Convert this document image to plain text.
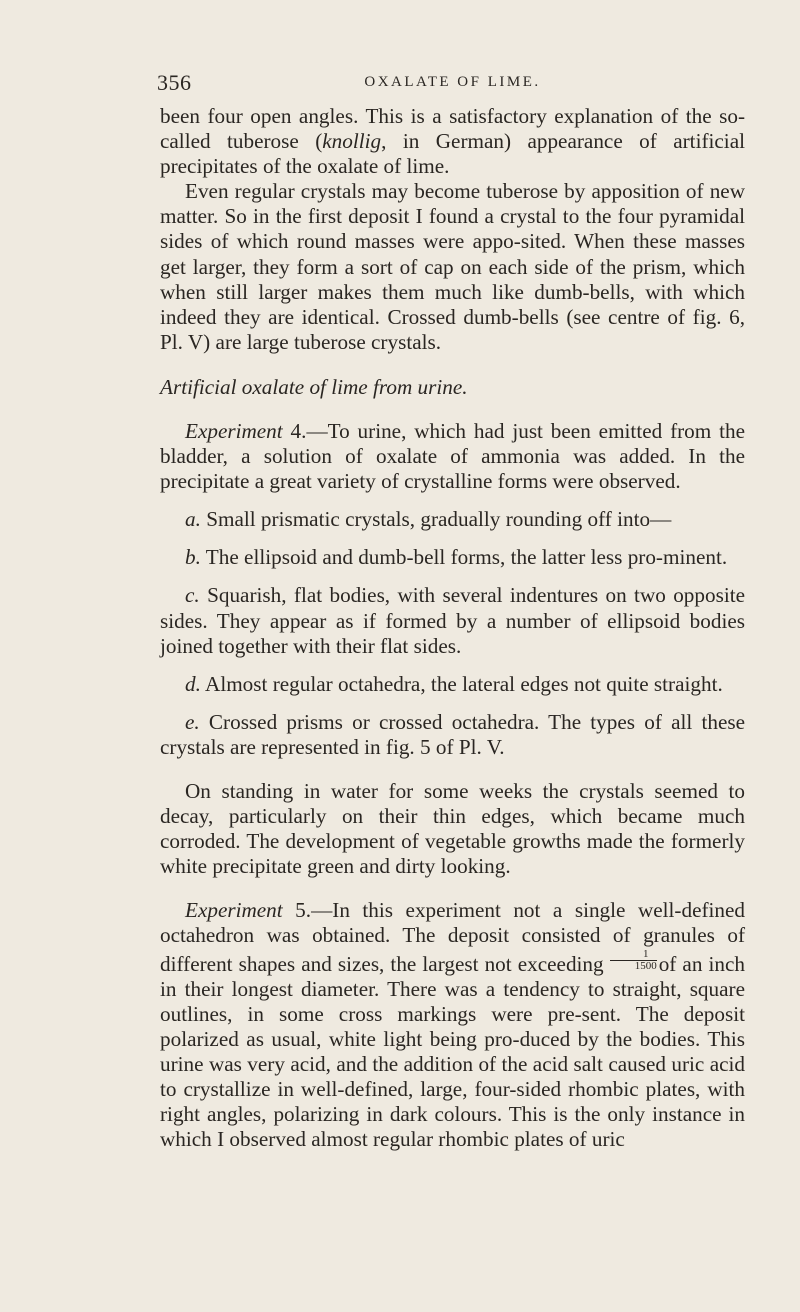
356	OXALATE OF LIME.

been four open angles. This is a satisfactory explanation of the so-called tuberose (knollig, in German) appearance of artificial precipitates of the oxalate of lime.

Even regular crystals may become tuberose by apposition of new matter. So in the first deposit I found a crystal to the four pyramidal sides of which round masses were appo-sited. When these masses get larger, they form a sort of cap on each side of the prism, which when still larger makes them much like dumb-bells, with which indeed they are identical. Crossed dumb-bells (see centre of fig. 6, Pl. V) are large tuberose crystals.

Artificial oxalate of lime from urine.

Experiment 4.—To urine, which had just been emitted from the bladder, a solution of oxalate of ammonia was added. In the precipitate a great variety of crystalline forms were observed.

a. Small prismatic crystals, gradually rounding off into—

b. The ellipsoid and dumb-bell forms, the latter less pro-minent.

c. Squarish, flat bodies, with several indentures on two opposite sides. They appear as if formed by a number of ellipsoid bodies joined together with their flat sides.

d. Almost regular octahedra, the lateral edges not quite straight.

e. Crossed prisms or crossed octahedra. The types of all these crystals are represented in fig. 5 of Pl. V.

On standing in water for some weeks the crystals seemed to decay, particularly on their thin edges, which became much corroded. The development of vegetable growths made the formerly white precipitate green and dirty looking.

Experiment 5.—In this experiment not a single well-defined octahedron was obtained. The deposit consisted of granules of different shapes and sizes, the largest not exceeding $\frac{1}{1500}$ of an inch in their longest diameter. There was a tendency to straight, square outlines, in some cross markings were pre-sent. The deposit polarized as usual, white light being pro-duced by the bodies. This urine was very acid, and the addition of the acid salt caused uric acid to crystallize in well-defined, large, four-sided rhombic plates, with right angles, polarizing in dark colours. This is the only instance in which I observed almost regular rhombic plates of uric
